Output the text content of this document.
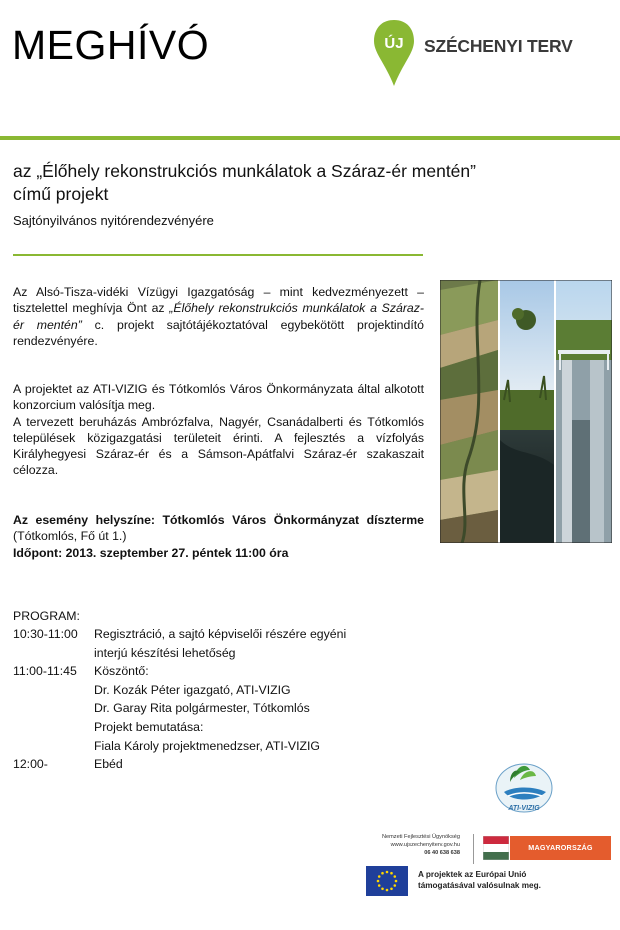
MEGHÍVÓ	ÚJ SZÉCHENYI TERV
az „Élőhely rekonstrukciós munkálatok a Száraz-ér mentén”
című projekt
Sajtónyilvános nyitórendezvényére
Az Alsó-Tisza-vidéki Vízügyi Igazgatóság – mint kedvezményezett – tisztelettel meghívja Önt az „Élőhely rekonstrukciós munkálatok a Száraz-ér mentén” c. projekt sajtótájékoztatóval egybekötött projektindító rendezvényére.
A projektet az ATI-VIZIG és Tótkomlós Város Önkormányzata által alkotott konzorcium valósítja meg.
A tervezett beruházás Ambrózfalva, Nagyér, Csanádalberti és Tótkomlós települések közigazgatási területeit érinti. A fejlesztés a vízfolyás Királyhegyesi Száraz-ér és a Sámson-Apátfalvi Száraz-ér szakaszait célozza.
Az esemény helyszíne: Tótkomlós Város Önkormányzat díszterme (Tótkomlós, Fő út 1.)
Időpont: 2013. szeptember 27. péntek 11:00 óra
PROGRAM:
10:30-11:00 Regisztráció, a sajtó képviselői részére egyéni
interjú készítési lehetőség
11:00-11:45 Köszöntő:
Dr. Kozák Péter igazgató, ATI-VIZIG
Dr. Garay Rita polgármester, Tótkomlós
Projekt bemutatása:
Fiala Károly projektmenedzser, ATI-VIZIG
12:00-	Ebéd
ATI-VIZIG
Nemzeti Fejlesztési Ügynökség
www.ujszechenyiterv.gov.hu
06 40 638 638
MAGYARORSZÁG MEGÚJUL
A projektek az Európai Unió
támogatásával valósulnak meg.
